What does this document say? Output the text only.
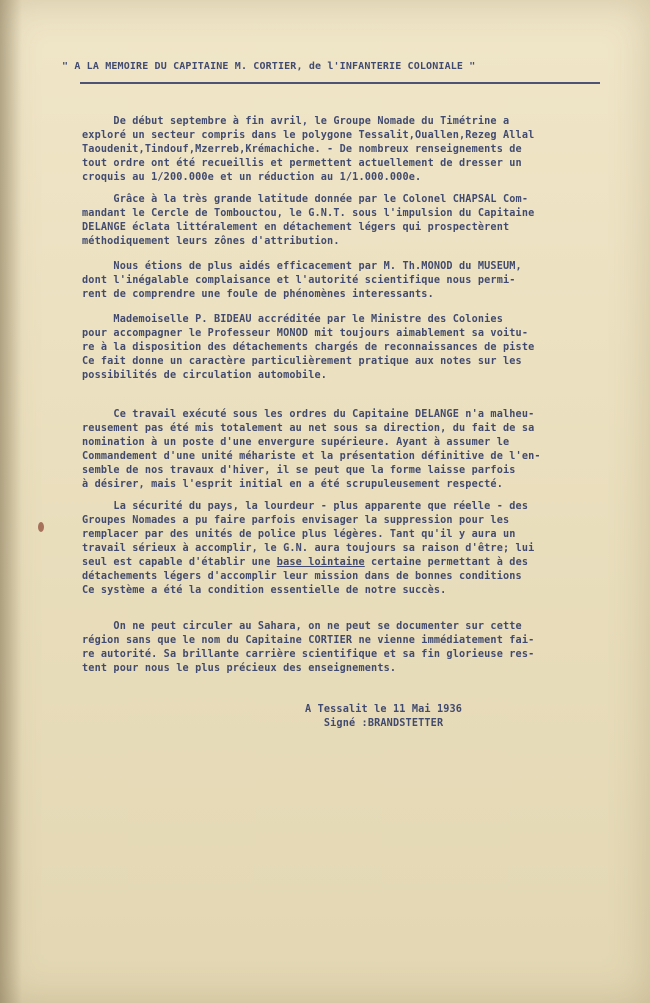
" A LA MEMOIRE DU CAPITAINE M. CORTIER, de l'INFANTERIE COLONIALE "
De début septembre à fin avril, le Groupe Nomade du Timétrine a
exploré un secteur compris dans le polygone Tessalit,Ouallen,Rezeg Allal
Taoudenit,Tindouf,Mzerreb,Krémachiche. - De nombreux renseignements de
tout ordre ont été recueillis et permettent actuellement de dresser un
croquis au 1/200.000e et un réduction au 1/1.000.000e.
Grâce à la très grande latitude donnée par le Colonel CHAPSAL Com-
mandant le Cercle de Tombouctou, le G.N.T. sous l'impulsion du Capitaine
DELANGE éclata littéralement en détachement légers qui prospectèrent
méthodiquement leurs zônes d'attribution.
Nous étions de plus aidés efficacement par M. Th.MONOD du MUSEUM,
dont l'inégalable complaisance et l'autorité scientifique nous permi-
rent de comprendre une foule de phénomènes interessants.
Mademoiselle P. BIDEAU accréditée par le Ministre des Colonies
pour accompagner le Professeur MONOD mit toujours aimablement sa voitu-
re à la disposition des détachements chargés de reconnaissances de piste
Ce fait donne un caractère particulièrement pratique aux notes sur les
possibilités de circulation automobile.
Ce travail exécuté sous les ordres du Capitaine DELANGE n'a malheu-
reusement pas été mis totalement au net sous sa direction, du fait de sa
nomination à un poste d'une envergure supérieure. Ayant à assumer le
Commandement d'une unité méhariste et la présentation définitive de l'en-
semble de nos travaux d'hiver, il se peut que la forme laisse parfois
à désirer, mais l'esprit initial en a été scrupuleusement respecté.
La sécurité du pays, la lourdeur - plus apparente que réelle - des
Groupes Nomades a pu faire parfois envisager la suppression pour les
remplacer par des unités de police plus légères. Tant qu'il y aura un
travail sérieux à accomplir, le G.N. aura toujours sa raison d'être; lui
seul est capable d'établir une base lointaine certaine permettant à des
détachements légers d'accomplir leur mission dans de bonnes conditions
Ce système a été la condition essentielle de notre succès.
On ne peut circuler au Sahara, on ne peut se documenter sur cette
région sans que le nom du Capitaine CORTIER ne vienne immédiatement fai-
re autorité. Sa brillante carrière scientifique et sa fin glorieuse res-
tent pour nous le plus précieux des enseignements.
A Tessalit le 11 Mai 1936
Signé :BRANDSTETTER
